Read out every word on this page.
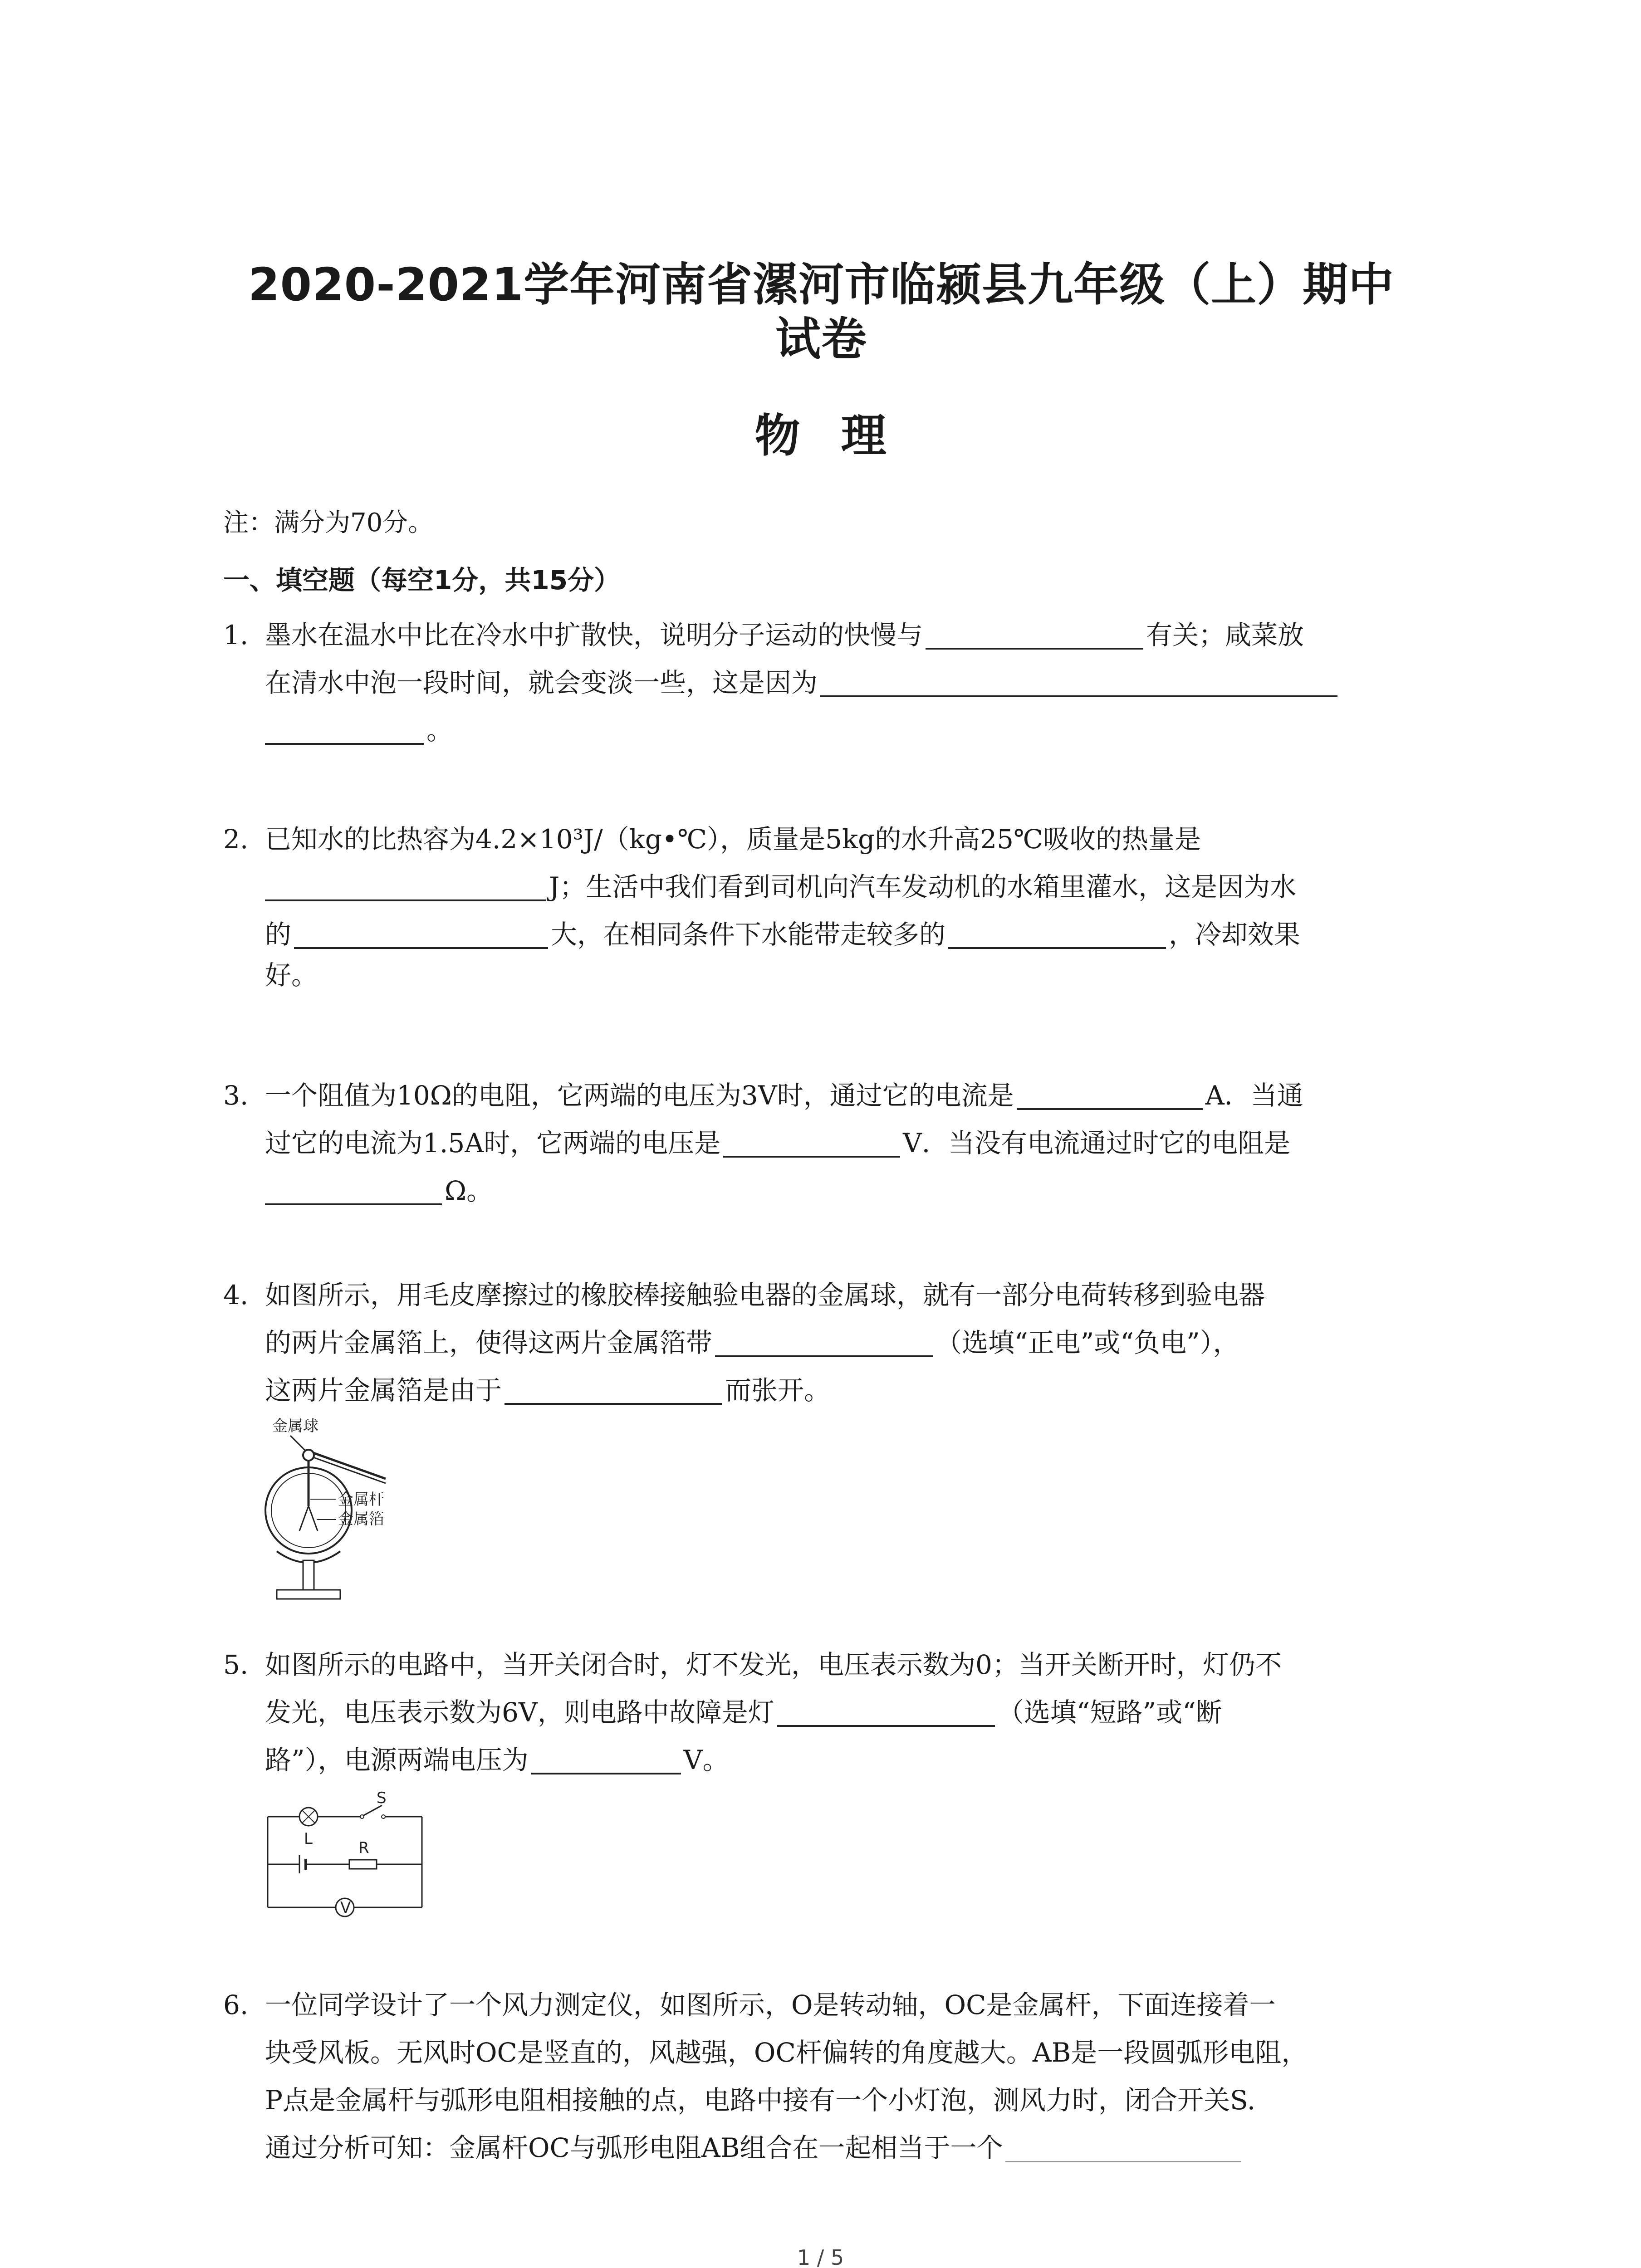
2020-2021学年河南省漯河市临颍县九年级（上）期中
试卷
物理
注：满分为70分。
一、填空题（每空1分，共15分）
1. 墨水在温水中比在冷水中扩散快，说明分子运动的快慢与	有关；咸菜放
在清水中泡一段时间，就会变淡一些，这是因为
。
2. 已知水的比热容为4.2×10³J/（kg•℃），质量是5kg的水升高25℃吸收的热量是
J；生活中我们看到司机向汽车发动机的水箱里灌水，这是因为水
的	大，在相同条件下水能带走较多的	，冷却效果
好。
3. 一个阻值为10Ω的电阻，它两端的电压为3V时，通过它的电流是	A．当通
过它的电流为1.5A时，它两端的电压是	V．当没有电流通过时它的电阻是
Ω。
4. 如图所示，用毛皮摩擦过的橡胶棒接触验电器的金属球，就有一部分电荷转移到验电器
的两片金属箔上，使得这两片金属箔带	（选填“正电”或“负电”），
这两片金属箔是由于	而张开。
金属球
金属杆
金属箔
5. 如图所示的电路中，当开关闭合时，灯不发光，电压表示数为0；当开关断开时，灯仍不
发光，电压表示数为6V，则电路中故障是灯	（选填“短路”或“断
路”），电源两端电压为	V。
L
S
R
V
6. 一位同学设计了一个风力测定仪，如图所示，O是转动轴，OC是金属杆，下面连接着一
块受风板。无风时OC是竖直的，风越强，OC杆偏转的角度越大。AB是一段圆弧形电阻，
P点是金属杆与弧形电阻相接触的点，电路中接有一个小灯泡，测风力时，闭合开关S.
通过分析可知：金属杆OC与弧形电阻AB组合在一起相当于一个
1 / 5
